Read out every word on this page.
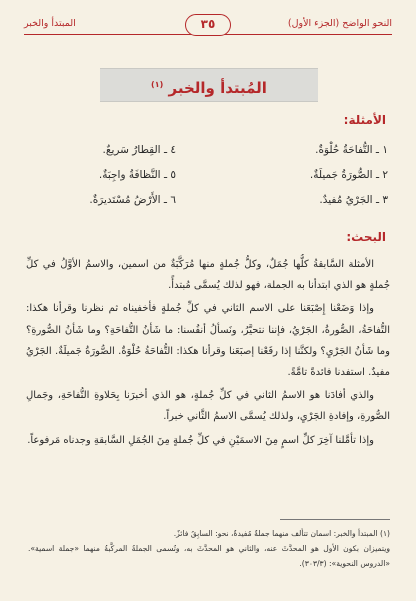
النحو الواضح (الجزء الأول)
٣٥
المبتدأ والخبر
المُبتدأ والخبر $^{(١)}$
الأمثلة:
١ ـ التُّفاحَةُ حُلْوَةٌ.
٢ ـ الصُّورَةُ جَميلَةٌ.
٣ ـ الجَرْيُ مُفيدٌ.
٤ ـ القِطارُ سَريعٌ.
٥ ـ النَّظافَةُ واجِبَةٌ.
٦ ـ الأَرْضُ مُسْتَديرَةٌ.
البحث:

الأمثلة السَّابقةُ كلُّها جُمَلٌ، وكلُّ جُملةٍ منها مُرَكَّبَةٌ من اسمين، والاسمُ الأوَّلُ في كلِّ جُملةٍ هو الذي ابتدأنا به الجملة، فهو لذلك يُسمَّى مُبتدأً.

وإذا وَضَعْنا إِصْبَعَنا على الاسم الثاني في كلِّ جُملةٍ فأخفيناه ثم نظرنا وقرأنا هكذا: التُّفاحَةُ، الصُّورةُ، الجَرْيُ، فإننا نتحيَّرُ، ونَسألُ أنفُسنا: ما شَأنُ التُّفاحَةِ؟ وما شَأنُ الصُّورةِ؟ وما شَأنُ الجَرْيِ؟ ولكنَّنا إذا رفَعْنا إصبَعَنا وقرأنا هكذا: التُّفاحَةُ حُلْوَةٌ. الصُّورَةُ جَميلَةٌ. الجَرْيُ مفيدٌ. استفدنا فائدةً تامَّةً.

والذي أفادَنا هو الاسمُ الثاني في كلِّ جُملةٍ، هو الذي أخبرَنا بِحَلاوةِ التُّفاحَةِ، وجَمالِ الصُّورةِ، وإفادةِ الجَرْيِ، ولذلك يُسمَّى الاسمُ الثَّاني خبراً.

وإذا تأمَّلنا آخِرَ كلِّ اسمٍ مِنَ الاسمَيْنِ في كلِّ جُملةٍ مِنَ الجُمَلِ السَّابقةِ وجدناه مَرفوعاً.

(١) المبتدأ والخبر: اسمان تتألف منهما جملةٌ مُفيدةٌ، نحو: السابِقُ فائزٌ.
ويتميزان بكون الأول هو المحدَّثَ عنه، والثاني هو المحدَّثَ به، وتُسمى الجملةُ المركَّبةُ منهما «جملة اسمية». «الدروس النحوية»: (٣٠٣/٣).
